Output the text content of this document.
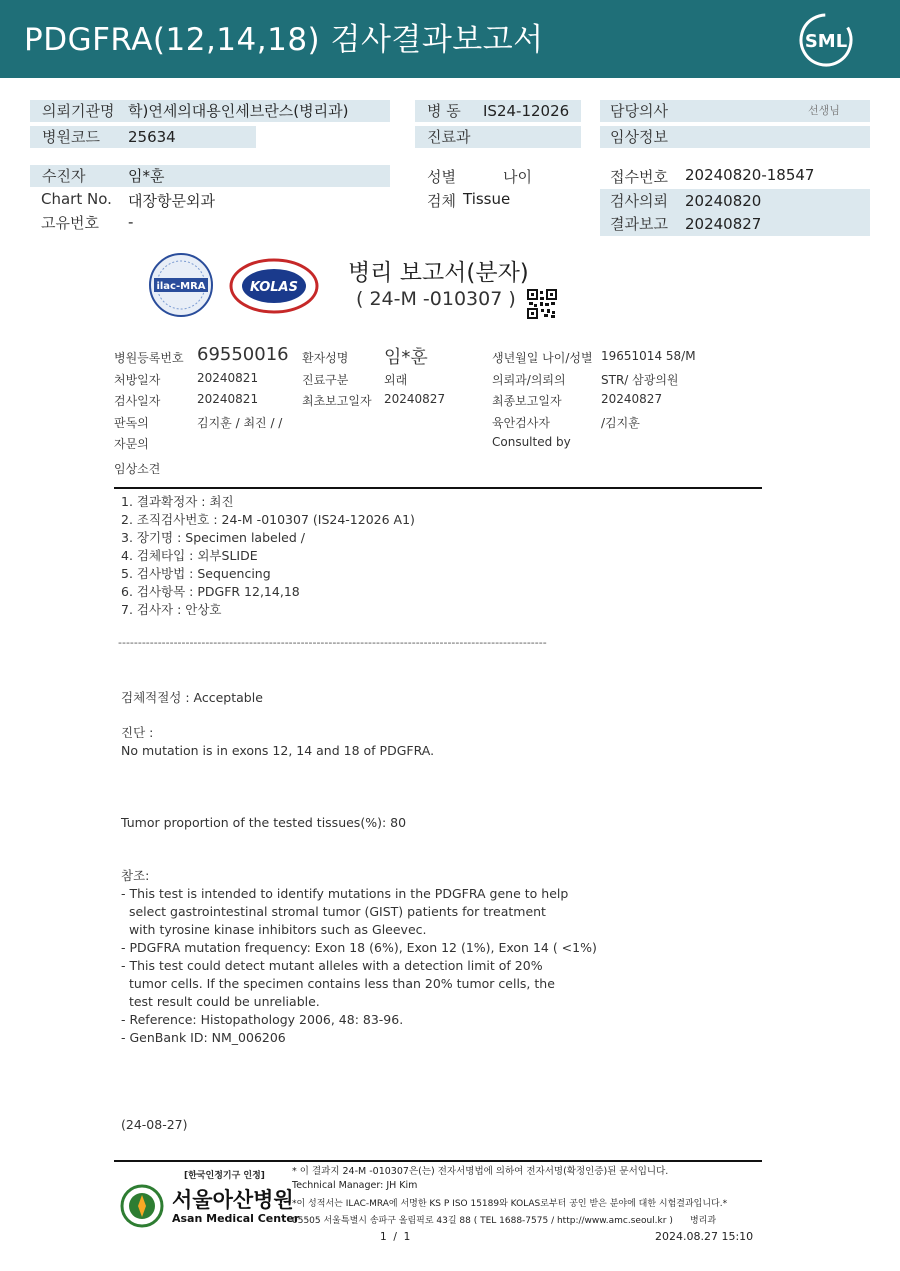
PDGFRA(12,14,18) 검사결과보고서	SML
의뢰기관명 학)연세의대용인세브란스(병리과)	병 동 IS24-12026	담당의사	선생님
병원코드 25634	진료과	임상정보
수진자	임*훈	성별	나이	접수번호 20240820-18547
Chart No. 대장항문외과	검체 Tissue	검사의뢰 20240820
결과보고 20240827
고유번호 -
ilac-MRA	KOLAS
병리 보고서(분자)
( 24-M -010307 )
병원등록번호 69550016 환자성명 임*훈	생년월일 나이/성별 19651014 58/M
처방일자	20240821	진료구분	외래	의뢰과/의뢰의	STR/ 삼광의원
검사일자	20240821	최초보고일자 20240827	최종보고일자	20240827
판독의	김지훈 / 최진 / /	육안검사자	/김지훈
자문의	Consulted by
임상소견
1. 결과확정자 : 최진
2. 조직검사번호 : 24-M -010307 (IS24-12026 A1)
3. 장기명 : Specimen labeled /
4. 검체타입 : 외부SLIDE
5. 검사방법 : Sequencing
6. 검사항목 : PDGFR 12,14,18
7. 검사자 : 안상호
------------------------------------------------------------------------------------------------------------
검체적절성 : Acceptable
진단 :
No mutation is in exons 12, 14 and 18 of PDGFRA.
Tumor proportion of the tested tissues(%): 80
참조:
- This test is intended to identify mutations in the PDGFRA gene to help
select gastrointestinal stromal tumor (GIST) patients for treatment
with tyrosine kinase inhibitors such as Gleevec.
- PDGFRA mutation frequency: Exon 18 (6%), Exon 12 (1%), Exon 14 ( <1%)
- This test could detect mutant alleles with a detection limit of 20%
tumor cells. If the specimen contains less than 20% tumor cells, the
test result could be unreliable.
- Reference: Histopathology 2006, 48: 83-96.
- GenBank ID: NM_006206
(24-08-27)
[한국인정기구 인정]
서울아산병원
Asan Medical Center
* 이 결과지 24-M -010307은(는) 전자서명법에 의하여 전자서명(확정인증)된 문서입니다.
Technical Manager: JH Kim
*이 성적서는 ILAC-MRA에 서명한 KS P ISO 15189와 KOLAS로부터 공인 받은 분야에 대한 시험결과입니다.*
05505 서울특별시 송파구 올림픽로 43길 88 ( TEL 1688-7575 / http://www.amc.seoul.kr )      병리과
1  /  1	2024.08.27 15:10
